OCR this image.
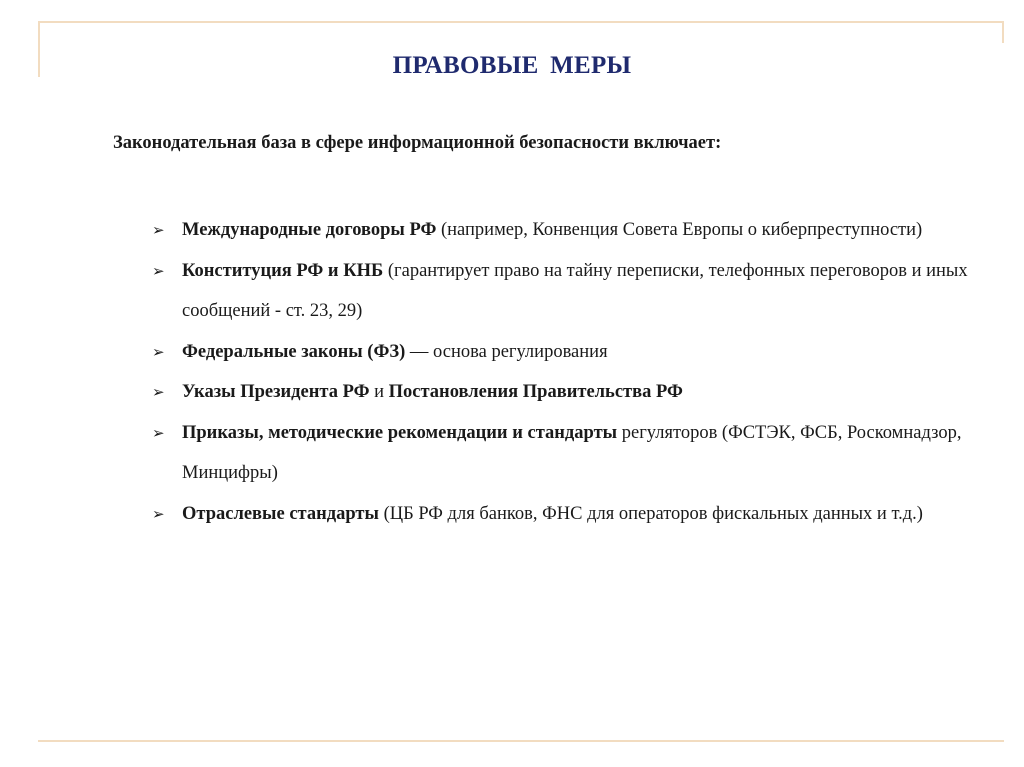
ПРАВОВЫЕ МЕРЫ
Законодательная база в сфере информационной безопасности включает:
➢ Международные договоры РФ (например, Конвенция Совета Европы о киберпреступности)
➢ Конституция РФ и КНБ (гарантирует право на тайну переписки, телефонных переговоров и иных сообщений - ст. 23, 29)
➢ Федеральные законы (ФЗ) — основа регулирования
➢ Указы Президента РФ и Постановления Правительства РФ
➢ Приказы, методические рекомендации и стандарты регуляторов (ФСТЭК, ФСБ, Роскомнадзор, Минцифры)
➢ Отраслевые стандарты (ЦБ РФ для банков, ФНС для операторов фискальных данных и т.д.)
